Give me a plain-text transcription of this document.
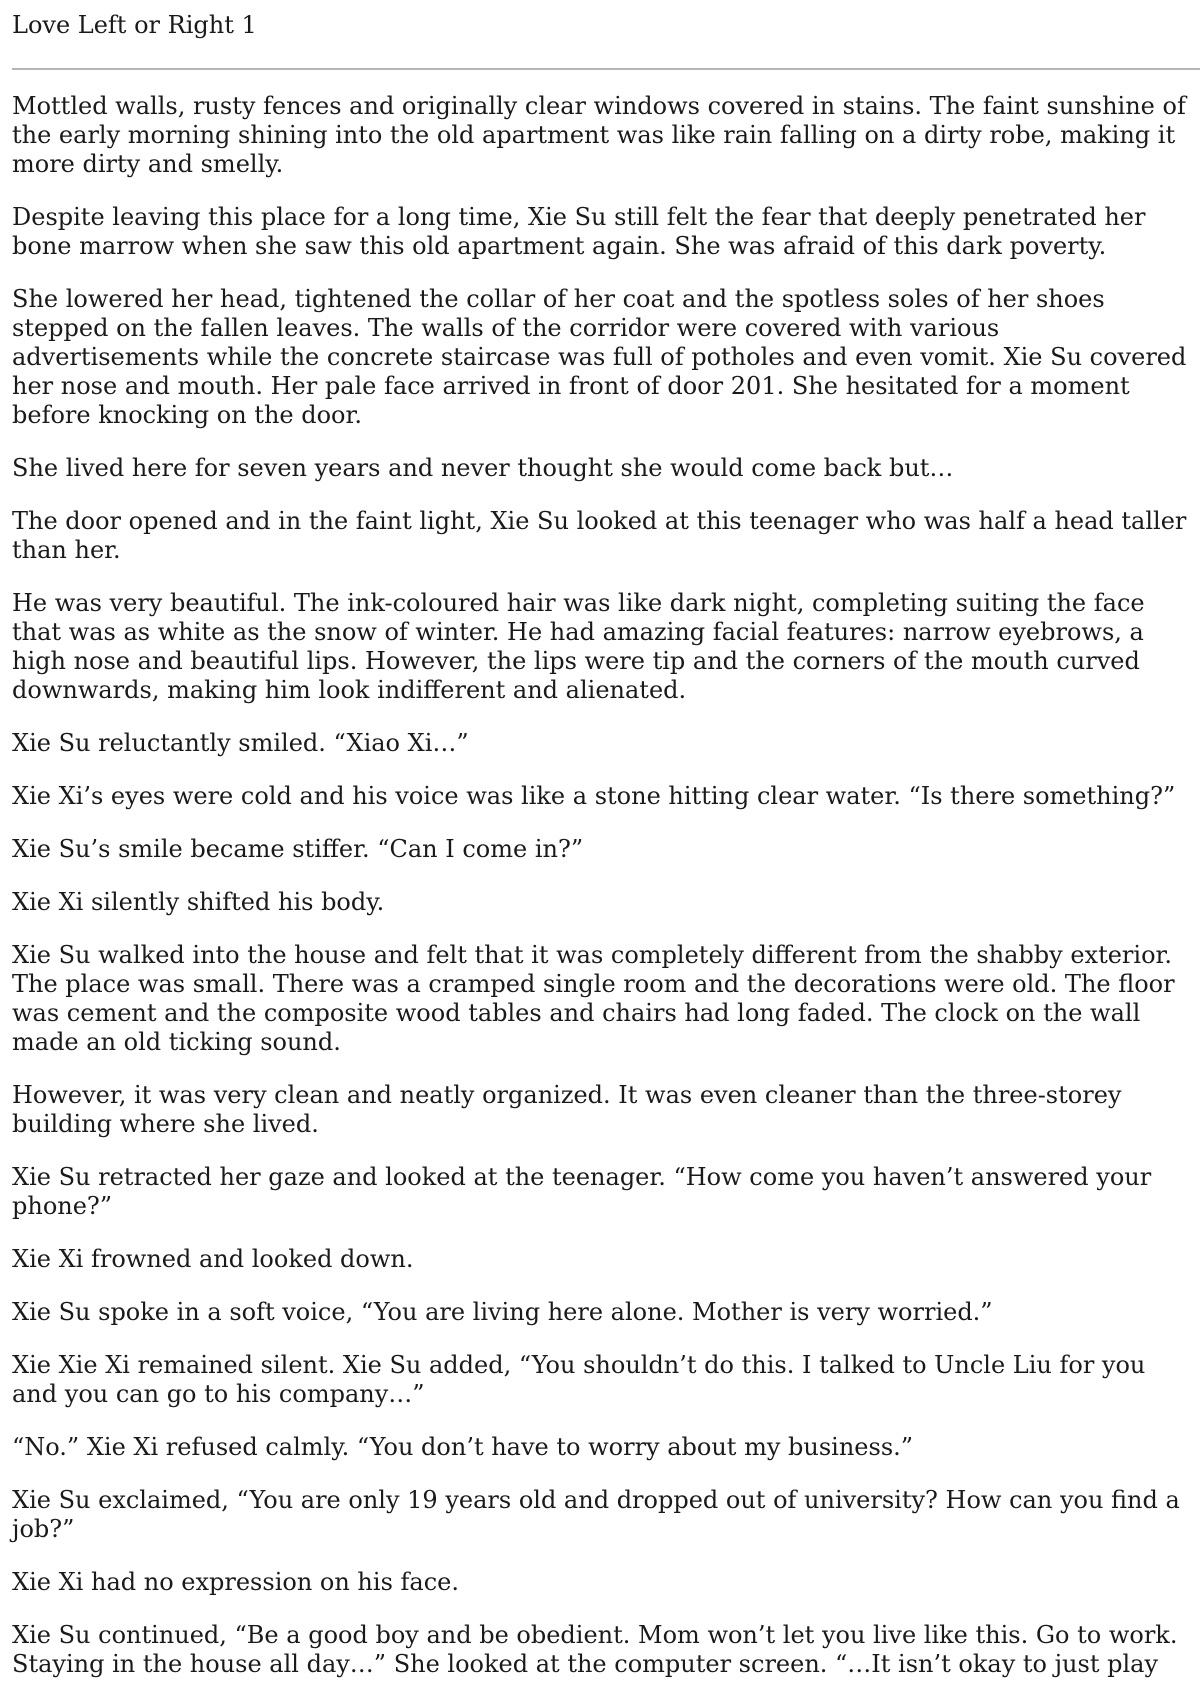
Love Left or Right 1

Mottled walls, rusty fences and originally clear windows covered in stains. The faint sunshine of the early morning shining into the old apartment was like rain falling on a dirty robe, making it more dirty and smelly.

Despite leaving this place for a long time, Xie Su still felt the fear that deeply penetrated her bone marrow when she saw this old apartment again. She was afraid of this dark poverty.

She lowered her head, tightened the collar of her coat and the spotless soles of her shoes stepped on the fallen leaves. The walls of the corridor were covered with various advertisements while the concrete staircase was full of potholes and even vomit. Xie Su covered her nose and mouth. Her pale face arrived in front of door 201. She hesitated for a moment before knocking on the door.

She lived here for seven years and never thought she would come back but…

The door opened and in the faint light, Xie Su looked at this teenager who was half a head taller than her.

He was very beautiful. The ink-coloured hair was like dark night, completing suiting the face that was as white as the snow of winter. He had amazing facial features: narrow eyebrows, a high nose and beautiful lips. However, the lips were tip and the corners of the mouth curved downwards, making him look indifferent and alienated.

Xie Su reluctantly smiled. “Xiao Xi…”

Xie Xi’s eyes were cold and his voice was like a stone hitting clear water. “Is there something?”

Xie Su’s smile became stiffer. “Can I come in?”

Xie Xi silently shifted his body.

Xie Su walked into the house and felt that it was completely different from the shabby exterior. The place was small. There was a cramped single room and the decorations were old. The floor was cement and the composite wood tables and chairs had long faded. The clock on the wall made an old ticking sound.

However, it was very clean and neatly organized. It was even cleaner than the three-storey building where she lived.

Xie Su retracted her gaze and looked at the teenager. “How come you haven’t answered your phone?”

Xie Xi frowned and looked down.

Xie Su spoke in a soft voice, “You are living here alone. Mother is very worried.”

Xie Xie Xi remained silent. Xie Su added, “You shouldn’t do this. I talked to Uncle Liu for you and you can go to his company…”

“No.” Xie Xi refused calmly. “You don’t have to worry about my business.”

Xie Su exclaimed, “You are only 19 years old and dropped out of university? How can you find a job?”

Xie Xi had no expression on his face.

Xie Su continued, “Be a good boy and be obedient. Mom won’t let you live like this. Go to work. Staying in the house all day…” She looked at the computer screen. “…It isn’t okay to just play
